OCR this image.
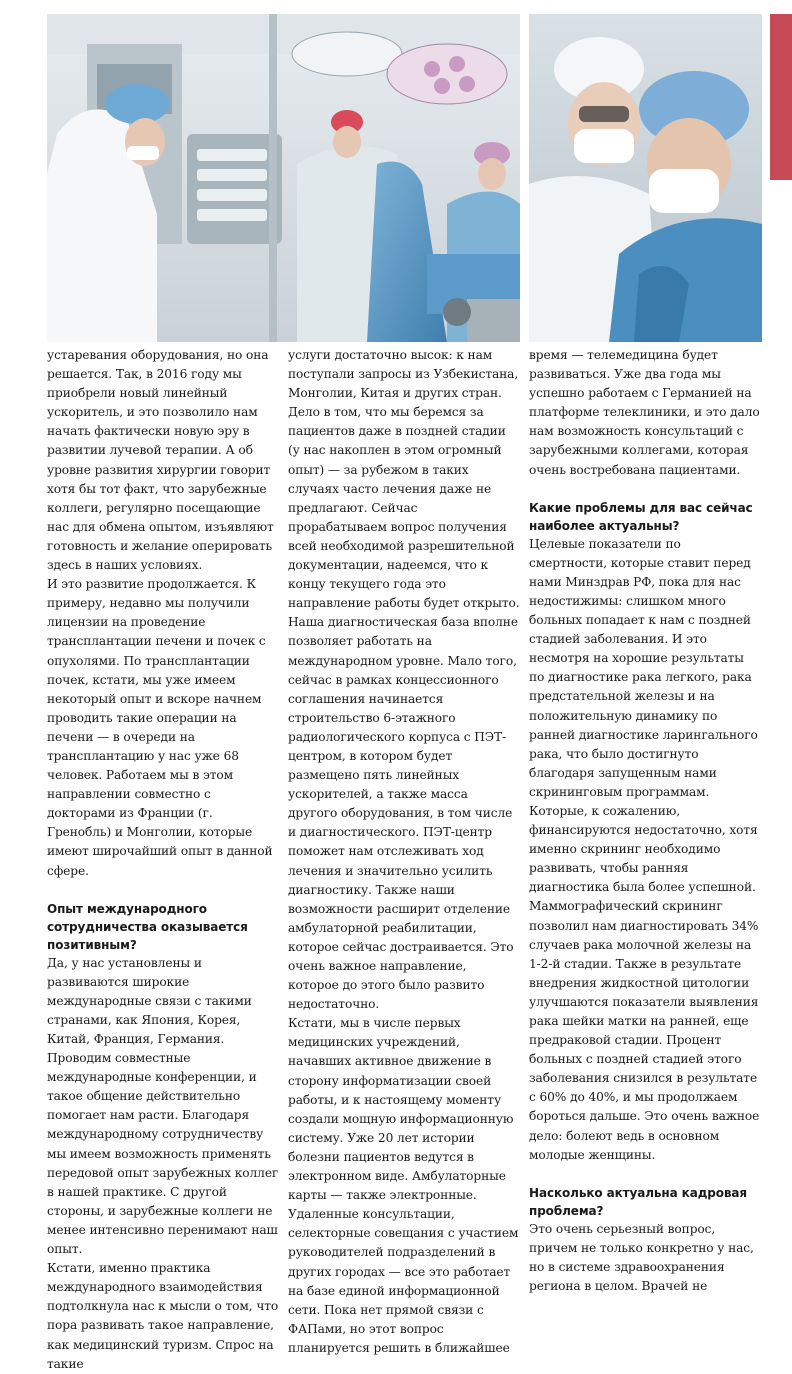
устаревания оборудования, но она решается. Так, в 2016 году мы приобрели новый линейный ускоритель, и это позволило нам начать фактически новую эру в развитии лучевой терапии. А об уровне развития хирургии говорит хотя бы тот факт, что зарубежные коллеги, регулярно посещающие нас для обмена опытом, изъявляют готовность и желание оперировать здесь в наших условиях.

И это развитие продолжается. К примеру, недавно мы получили лицензии на проведение трансплантации печени и почек с опухолями. По трансплантации почек, кстати, мы уже имеем некоторый опыт и вскоре начнем проводить такие операции на печени — в очереди на трансплантацию у нас уже 68 человек. Работаем мы в этом направлении совместно с докторами из Франции (г. Гренобль) и Монголии, которые имеют широчайший опыт в данной сфере.

Опыт международного сотрудничества оказывается позитивным?

Да, у нас установлены и развиваются широкие международные связи с такими странами, как Япония, Корея, Китай, Франция, Германия. Проводим совместные международные конференции, и такое общение действительно помогает нам расти. Благодаря международному сотрудничеству мы имеем возможность применять передовой опыт зарубежных коллег в нашей практике. С другой стороны, и зарубежные коллеги не менее интенсивно перенимают наш опыт.

Кстати, именно практика международного взаимодействия подтолкнула нас к мысли о том, что пора развивать такое направление, как медицинский туризм. Спрос на такие

услуги достаточно высок: к нам поступали запросы из Узбекистана, Монголии, Китая и других стран. Дело в том, что мы беремся за пациентов даже в поздней стадии (у нас накоплен в этом огромный опыт) — за рубежом в таких случаях часто лечения даже не предлагают. Сейчас прорабатываем вопрос получения всей необходимой разрешительной документации, надеемся, что к концу текущего года это направление работы будет открыто. Наша диагностическая база вполне позволяет работать на международном уровне. Мало того, сейчас в рамках концессионного соглашения начинается строительство 6-этажного радиологического корпуса с ПЭТ-центром, в котором будет размещено пять линейных ускорителей, а также масса другого оборудования, в том числе и диагностического. ПЭТ-центр поможет нам отслеживать ход лечения и значительно усилить диагностику. Также наши возможности расширит отделение амбулаторной реабилитации, которое сейчас достраивается. Это очень важное направление, которое до этого было развито недостаточно.

Кстати, мы в числе первых медицинских учреждений, начавших активное движение в сторону информатизации своей работы, и к настоящему моменту создали мощную информационную систему. Уже 20 лет истории болезни пациентов ведутся в электронном виде. Амбулаторные карты — также электронные. Удаленные консультации, селекторные совещания с участием руководителей подразделений в других городах — все это работает на базе единой информационной сети. Пока нет прямой связи с ФАПами, но этот вопрос планируется решить в ближайшее

время — телемедицина будет развиваться. Уже два года мы успешно работаем с Германией на платформе телеклиники, и это дало нам возможность консультаций с зарубежными коллегами, которая очень востребована пациентами.

Какие проблемы для вас сейчас наиболее актуальны?

Целевые показатели по смертности, которые ставит перед нами Минздрав РФ, пока для нас недостижимы: слишком много больных попадает к нам с поздней стадией заболевания. И это несмотря на хорошие результаты по диагностике рака легкого, рака предстательной железы и на положительную динамику по ранней диагностике ларингального рака, что было достигнуто благодаря запущенным нами скрининговым программам. Которые, к сожалению, финансируются недостаточно, хотя именно скрининг необходимо развивать, чтобы ранняя диагностика была более успешной. Маммографический скрининг позволил нам диагностировать 34% случаев рака молочной железы на 1-2-й стадии. Также в результате внедрения жидкостной цитологии улучшаются показатели выявления рака шейки матки на ранней, еще предраковой стадии. Процент больных с поздней стадией этого заболевания снизился в результате с 60% до 40%, и мы продолжаем бороться дальше. Это очень важное дело: болеют ведь в основном молодые женщины.

Насколько актуальна кадровая проблема?

Это очень серьезный вопрос, причем не только конкретно у нас, но в системе здравоохранения региона в целом. Врачей не
